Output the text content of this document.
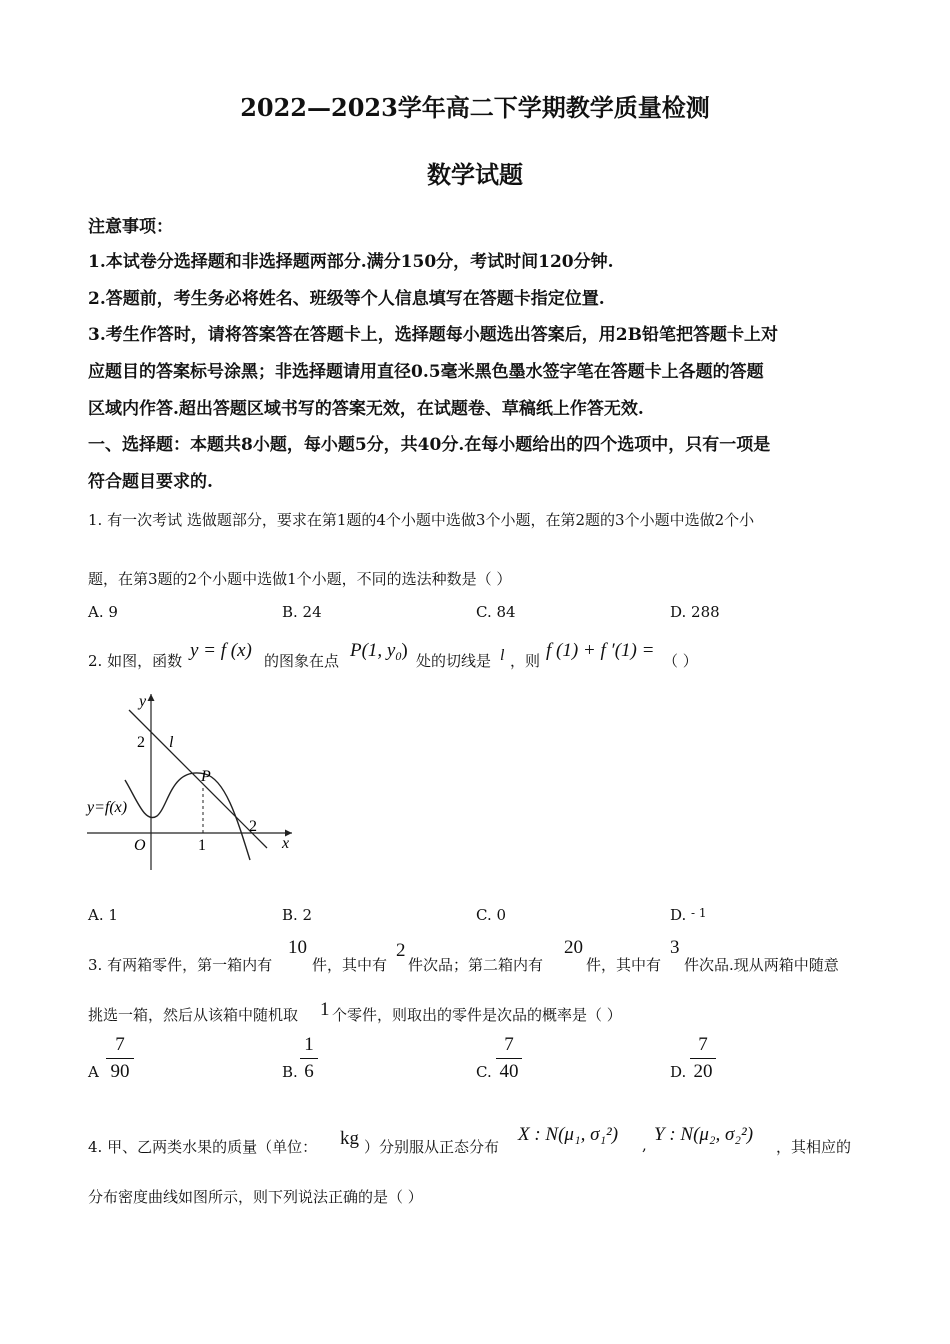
2022—2023学年高二下学期教学质量检测
数学试题
注意事项：
1.本试卷分选择题和非选择题两部分.满分150分，考试时间120分钟.
2.答题前，考生务必将姓名、班级等个人信息填写在答题卡指定位置.
3.考生作答时，请将答案答在答题卡上，选择题每小题选出答案后，用2B铅笔把答题卡上对
应题目的答案标号涂黑；非选择题请用直径0.5毫米黑色墨水签字笔在答题卡上各题的答题
区域内作答.超出答题区域书写的答案无效，在试题卷、草稿纸上作答无效.
一、选择题：本题共8小题，每小题5分，共40分.在每小题给出的四个选项中，只有一项是
符合题目要求的.
1. 有一次考试 选做题部分，要求在第1题的4个小题中选做3个小题，在第2题的3个小题中选做2个小
题，在第3题的2个小题中选做1个小题，不同的选法种数是（ ）
A. 9	B. 24	C. 84	D. 288
2. 如图，函数 y = f (x) 的图象在点 P(1, $y_0$) 处的切线是 l ，则 f (1) + f ′(1) = （ ）
y
2 l
P
y=f(x)
2
O	1	x
A. 1	B. 2	C. 0	D. $^{- 1}$
3. 有两箱零件，第一箱内有
10
件，其中有
2
件次品；第二箱内有
20
件，其中有
3
件次品.现从两箱中随意
挑选一箱，然后从该箱中随机取 1 个零件，则取出的零件是次品的概率是（ ）
A
7
90	B.
1
6	C.
7
40	D.
7
20
4. 甲、乙两类水果的质量（单位： kg ）分别服从正态分布
X : N(μ₁, σ₁²) , Y : N(μ₂, σ₂²)
，其相应的
分布密度曲线如图所示，则下列说法正确的是（ ）
